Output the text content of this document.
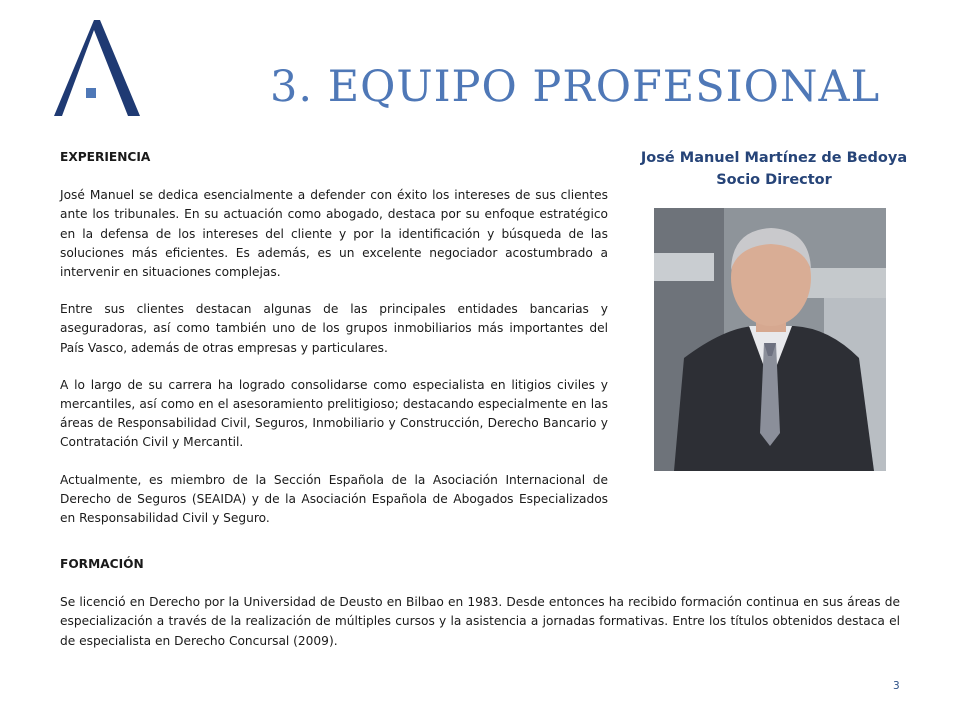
3. EQUIPO PROFESIONAL
EXPERIENCIA

José Manuel se dedica esencialmente a defender con éxito los intereses de sus clientes ante los tribunales. En su actuación como abogado, destaca por su enfoque estratégico en la defensa de los intereses del cliente y por la identificación y búsqueda de las soluciones más eficientes. Es además, es un excelente negociador acostumbrado a intervenir en situaciones complejas.

Entre sus clientes destacan algunas de las principales entidades bancarias y aseguradoras, así como también uno de los grupos inmobiliarios más importantes del País Vasco, además de otras empresas y particulares.

A lo largo de su carrera ha logrado consolidarse como especialista en litigios civiles y mercantiles, así como en el asesoramiento prelitigioso; destacando especialmente en las áreas de Responsabilidad Civil, Seguros, Inmobiliario y Construcción, Derecho Bancario y Contratación Civil y Mercantil.

Actualmente, es miembro de la Sección Española de la Asociación Internacional de Derecho de Seguros (SEAIDA) y de la Asociación Española de Abogados Especializados en Responsabilidad Civil y Seguro.

José Manuel Martínez de Bedoya
Socio Director
FORMACIÓN

Se licenció en Derecho por la Universidad de Deusto en Bilbao en 1983. Desde entonces ha recibido formación continua en sus áreas de especialización a través de la realización de múltiples cursos y la asistencia a jornadas formativas. Entre los títulos obtenidos destaca el de especialista en Derecho Concursal (2009).

3
